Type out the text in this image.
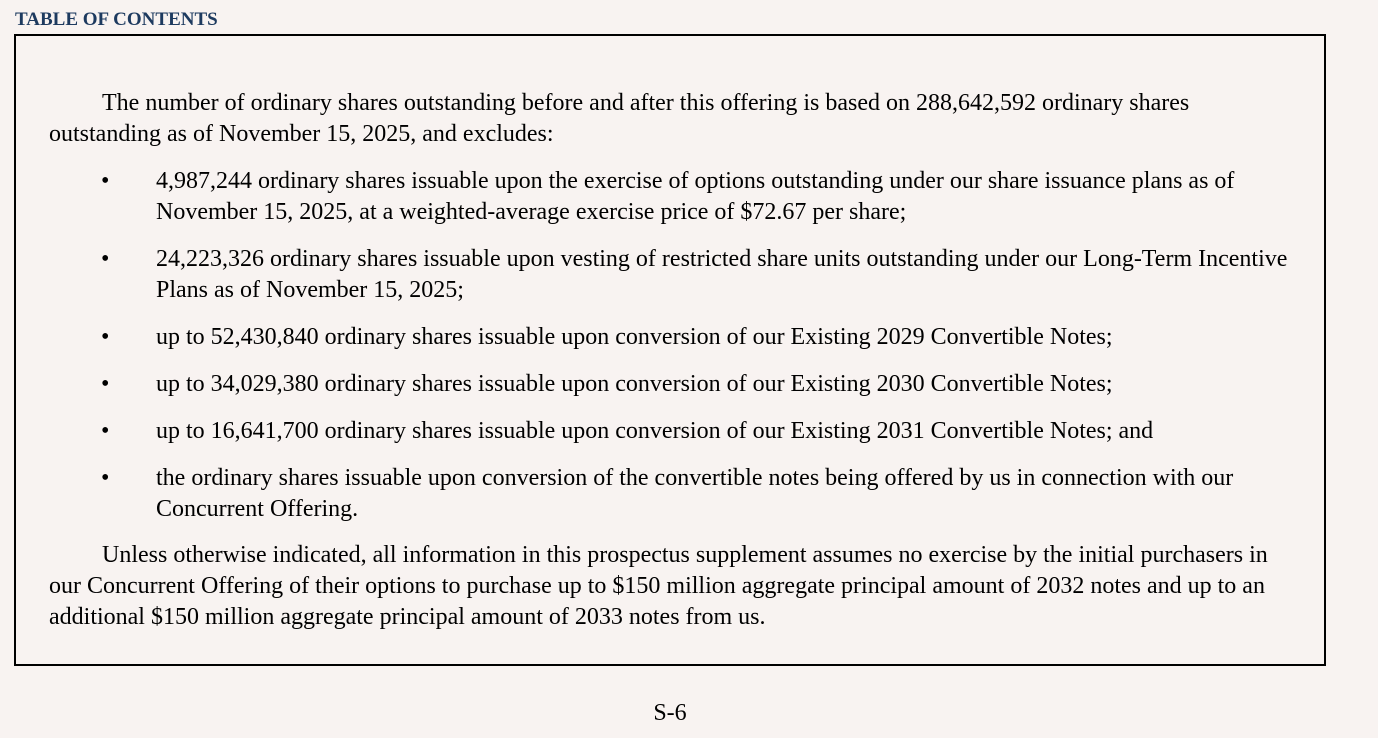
TABLE OF CONTENTS

The number of ordinary shares outstanding before and after this offering is based on 288,642,592 ordinary shares outstanding as of November 15, 2025, and excludes:

•	4,987,244 ordinary shares issuable upon the exercise of options outstanding under our share issuance plans as of November 15, 2025, at a weighted-average exercise price of $72.67 per share;
•	24,223,326 ordinary shares issuable upon vesting of restricted share units outstanding under our Long-Term Incentive Plans as of November 15, 2025;
•	up to 52,430,840 ordinary shares issuable upon conversion of our Existing 2029 Convertible Notes;
•	up to 34,029,380 ordinary shares issuable upon conversion of our Existing 2030 Convertible Notes;
•	up to 16,641,700 ordinary shares issuable upon conversion of our Existing 2031 Convertible Notes; and
•	the ordinary shares issuable upon conversion of the convertible notes being offered by us in connection with our Concurrent Offering.

Unless otherwise indicated, all information in this prospectus supplement assumes no exercise by the initial purchasers in our Concurrent Offering of their options to purchase up to $150 million aggregate principal amount of 2032 notes and up to an additional $150 million aggregate principal amount of 2033 notes from us.

S-6
